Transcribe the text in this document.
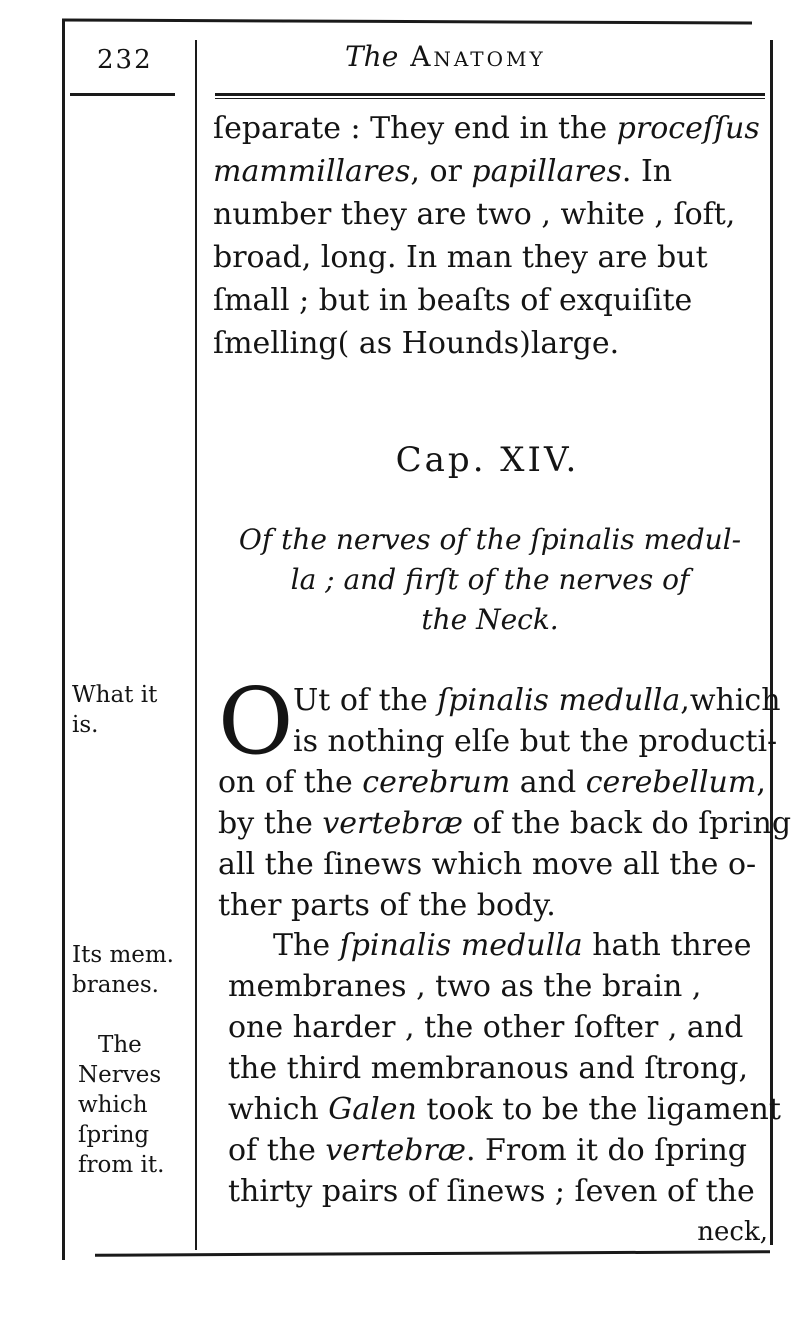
232	The Anatomy
ſeparate : They end in the proceſſus
mammillares, or papillares. In
number they are two , white , ſoft,
broad, long. In man they are but
ſmall ; but in beaſts of exquiſite
ſmelling( as Hounds)large.
Cap. XIV.
Of the nerves of the ſpinalis medul-
la ; and firſt of the nerves of
the Neck.
O Ut of the ſpinalis medulla,which
is nothing elſe but the producti-
on of the cerebrum and cerebellum,
by the vertebræ of the back do ſpring
all the ſinews which move all the o-
ther parts of the body.
The ſpinalis medulla hath three
membranes , two as the brain ,
one harder , the other ſofter , and
the third membranous and ſtrong,
which Galen took to be the ligament
of the vertebræ. From it do ſpring
thirty pairs of ſinews ; ſeven of the
neck,
What it
is.
Its mem.
branes.
The
Nerves
which
ſpring
from it.
